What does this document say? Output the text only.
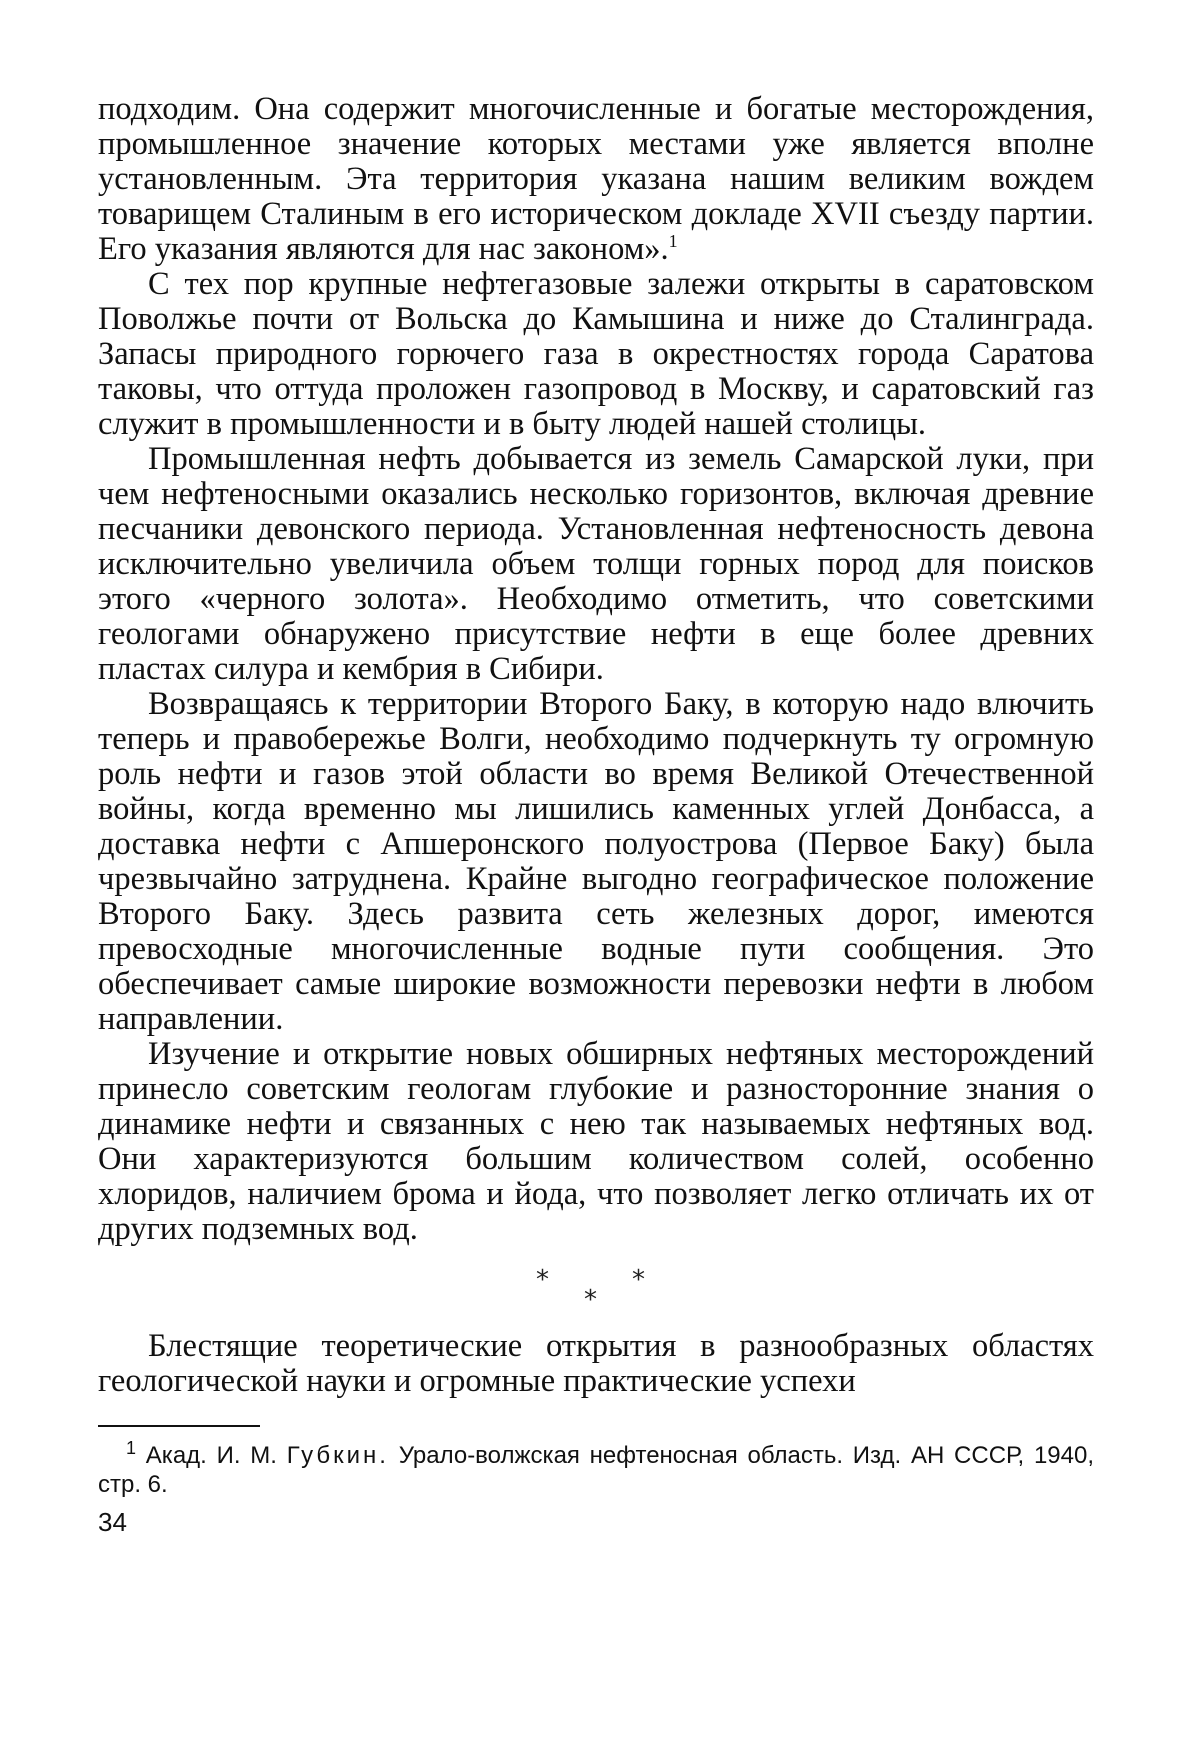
подходим. Она содержит многочисленные и богатые месторождения, промышленное значение которых местами уже является вполне установленным. Эта территория указана нашим великим вождем товарищем Сталиным в его историческом докладе XVII съезду партии. Его указания являются для нас законом».$^1$

С тех пор крупные нефтегазовые залежи открыты в саратовском Поволжье почти от Вольска до Камышина и ниже до Сталинграда. Запасы природного горючего газа в окрестностях города Саратова таковы, что оттуда проложен газопровод в Москву, и саратовский газ служит в промышленности и в быту людей нашей столицы.

Промышленная нефть добывается из земель Самарской луки, при чем нефтеносными оказались несколько горизонтов, включая древние песчаники девонского периода. Установленная нефтеносность девона исключительно увеличила объем толщи горных пород для поисков этого «черного золота». Необходимо отметить, что советскими геологами обнаружено присутствие нефти в еще более древних пластах силура и кембрия в Сибири.

Возвращаясь к территории Второго Баку, в которую надо влючить теперь и правобережье Волги, необходимо подчеркнуть ту огромную роль нефти и газов этой области во время Великой Отечественной войны, когда временно мы лишились каменных углей Донбасса, а доставка нефти с Апшеронского полуострова (Первое Баку) была чрезвычайно затруднена. Крайне выгодно географическое положение Второго Баку. Здесь развита сеть железных дорог, имеются превосходные многочисленные водные пути сообщения. Это обеспечивает самые широкие возможности перевозки нефти в любом направлении.

Изучение и открытие новых обширных нефтяных месторождений принесло советским геологам глубокие и разносторонние знания о динамике нефти и связанных с нею так называемых нефтяных вод. Они характеризуются большим количеством солей, особенно хлоридов, наличием брома и йода, что позволяет легко отличать их от других подземных вод.

*	*
*

Блестящие теоретические открытия в разнообразных областях геологической науки и огромные практические успехи

$^1$ Акад. И. М. Губкин. Урало-волжская нефтеносная область. Изд. АН СССР, 1940, стр. 6.

34
